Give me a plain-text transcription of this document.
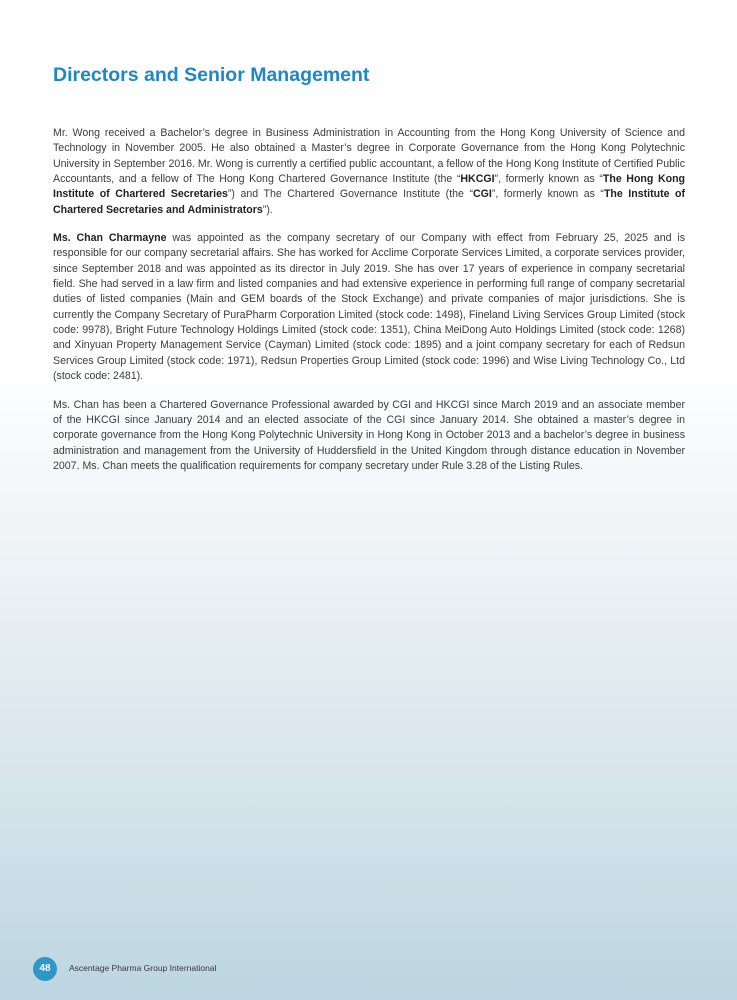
Directors and Senior Management

Mr. Wong received a Bachelor’s degree in Business Administration in Accounting from the Hong Kong University of Science and Technology in November 2005. He also obtained a Master’s degree in Corporate Governance from the Hong Kong Polytechnic University in September 2016. Mr. Wong is currently a certified public accountant, a fellow of the Hong Kong Institute of Certified Public Accountants, and a fellow of The Hong Kong Chartered Governance Institute (the “HKCGI”, formerly known as “The Hong Kong Institute of Chartered Secretaries”) and The Chartered Governance Institute (the “CGI”, formerly known as “The Institute of Chartered Secretaries and Administrators”).

Ms. Chan Charmayne was appointed as the company secretary of our Company with effect from February 25, 2025 and is responsible for our company secretarial affairs. She has worked for Acclime Corporate Services Limited, a corporate services provider, since September 2018 and was appointed as its director in July 2019. She has over 17 years of experience in company secretarial field. She had served in a law firm and listed companies and had extensive experience in performing full range of company secretarial duties of listed companies (Main and GEM boards of the Stock Exchange) and private companies of major jurisdictions. She is currently the Company Secretary of PuraPharm Corporation Limited (stock code: 1498), Fineland Living Services Group Limited (stock code: 9978), Bright Future Technology Holdings Limited (stock code: 1351), China MeiDong Auto Holdings Limited (stock code: 1268) and Xinyuan Property Management Service (Cayman) Limited (stock code: 1895) and a joint company secretary for each of Redsun Services Group Limited (stock code: 1971), Redsun Properties Group Limited (stock code: 1996) and Wise Living Technology Co., Ltd (stock code: 2481).

Ms. Chan has been a Chartered Governance Professional awarded by CGI and HKCGI since March 2019 and an associate member of the HKCGI since January 2014 and an elected associate of the CGI since January 2014. She obtained a master’s degree in corporate governance from the Hong Kong Polytechnic University in Hong Kong in October 2013 and a bachelor’s degree in business administration and management from the University of Huddersfield in the United Kingdom through distance education in November 2007. Ms. Chan meets the qualification requirements for company secretary under Rule 3.28 of the Listing Rules.

48	Ascentage Pharma Group International
